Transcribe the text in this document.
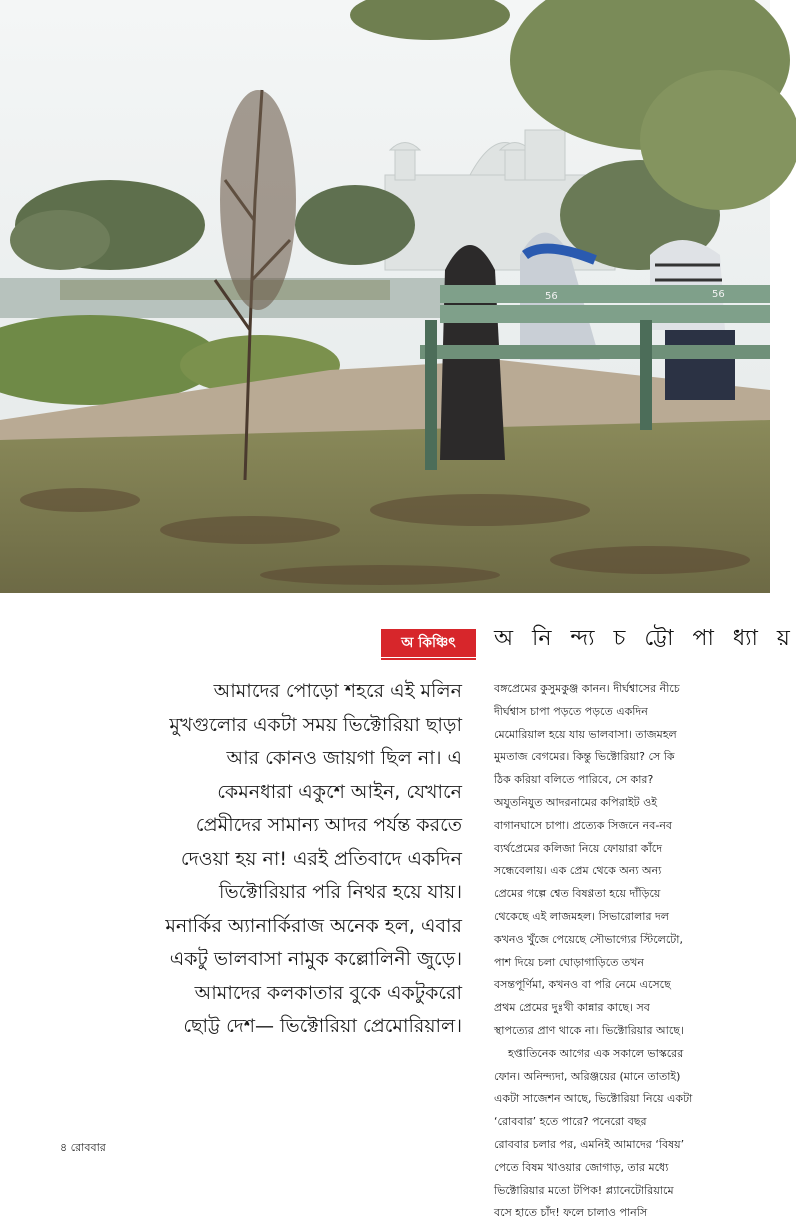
56	56
অ কিঞ্চিৎ	অ নি ন্দ্য চ ট্টো পা ধ্যা য়
আমাদের পোড়ো শহরে এই মলিন
মুখগুলোর একটা সময় ভিক্টোরিয়া ছাড়া
আর কোনও জায়গা ছিল না। এ
কেমনধারা একুশে আইন, যেখানে
প্রেমীদের সামান্য আদর পর্যন্ত করতে
দেওয়া হয় না! এরই প্রতিবাদে একদিন
ভিক্টোরিয়ার পরি নিথর হয়ে যায়।
মনার্কির অ্যানার্কিরাজ অনেক হল, এবার
একটু ভালবাসা নামুক কল্লোলিনী জুড়ে।
আমাদের কলকাতার বুকে একটুকরো
ছোট্ট দেশ— ভিক্টোরিয়া প্রেমোরিয়াল।
বঙ্গপ্রেমের কুসুমকুঞ্জ কানন। দীর্ঘশ্বাসের নীচে
দীর্ঘশ্বাস চাপা পড়তে পড়তে একদিন
মেমোরিয়াল হয়ে যায় ভালবাসা। তাজমহল
মুমতাজ বেগমের। কিন্তু ভিক্টোরিয়া? সে কি
ঠিক করিয়া বলিতে পারিবে, সে কার?
অযুতনিযুত আদরনামের কপিরাইট ওই
বাগানঘাসে চাপা। প্রত্যেক সিজনে নব-নব
ব্যর্থপ্রেমের কলিজা নিয়ে ফোয়ারা কাঁদে
সন্ধেবেলায়। এক প্রেম থেকে অন্য অন্য
প্রেমের গল্পে শ্বেত বিষণ্ণতা হয়ে দাঁড়িয়ে
থেকেছে এই লাজমহল। সিভারোলার দল
কখনও খুঁজে পেয়েছে সৌভাগ্যের স্টিলেটো,
পাশ দিয়ে চলা ঘোড়াগাড়িতে তখন
বসন্তপূর্ণিমা, কখনও বা পরি নেমে এসেছে
প্রথম প্রেমের দুঃখী কান্নার কাছে। সব
স্থাপত্যের প্রাণ থাকে না। ভিক্টোরিয়ার আছে।
হপ্তাতিনেক আগের এক সকালে ভাস্করের
ফোন। অনিন্দ্যদা, অরিঞ্জয়ের (মানে তাতাই)
একটা সাজেশন আছে, ভিক্টোরিয়া নিয়ে একটা
‘রোববার’ হতে পারে? পনেরো বছর
রোববার চলার পর, এমনিই আমাদের ‘বিষয়’
পেতে বিষম খাওয়ার জোগাড়, তার মধ্যে
ভিক্টোরিয়ার মতো টপিক! প্ল্যানেটোরিয়ামে
বসে হাতে চাঁদ! ফলে চালাও পানসি
৪ রোববার
